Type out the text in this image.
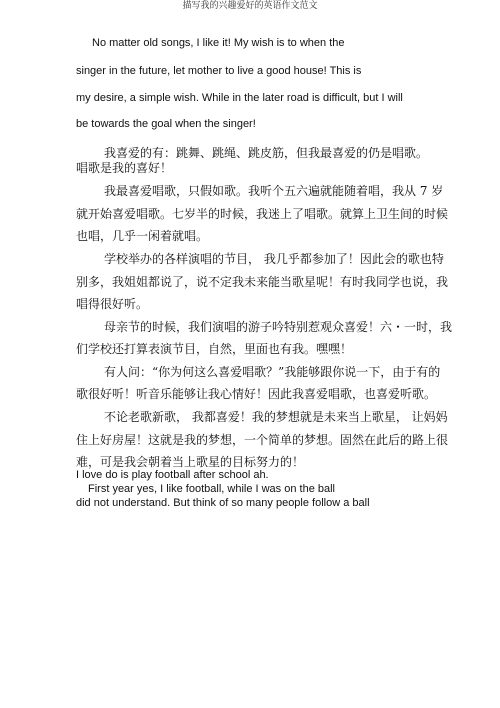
描写我的兴趣爱好的英语作文范文
No matter old songs, I like it! My wish is to when the
singer in the future, let mother to live a good house! This is
my desire, a simple wish. While in the later road is difficult, but I will
be towards the goal when the singer!
我喜爱的有：跳舞、跳绳、跳皮筋，但我最喜爱的仍是唱歌。
唱歌是我的喜好！
我最喜爱唱歌，只假如歌。我听个五六遍就能随着唱，我从 7 岁
就开始喜爱唱歌。七岁半的时候，我迷上了唱歌。就算上卫生间的时候
也唱，几乎一闲着就唱。
学校举办的各样演唱的节目， 我几乎都参加了！因此会的歌也特
别多，我姐姐都说了，说不定我未来能当歌星呢！有时我同学也说，我
唱得很好听。
母亲节的时候，我们演唱的游子吟特别惹观众喜爱！六・一时，我
们学校还打算表演节目，自然，里面也有我。嘿嘿！
有人问：“你为何这么喜爱唱歌？”我能够跟你说一下，由于有的
歌很好听！听音乐能够让我心情好！因此我喜爱唱歌，也喜爱听歌。
不论老歌新歌， 我都喜爱！我的梦想就是未来当上歌星， 让妈妈
住上好房屋！这就是我的梦想，一个简单的梦想。固然在此后的路上很
难，可是我会朝着当上歌星的目标努力的！
I love do is play football after school ah.
First year yes, I like football, while I was on the ball
did not understand. But think of so many people follow a ball
